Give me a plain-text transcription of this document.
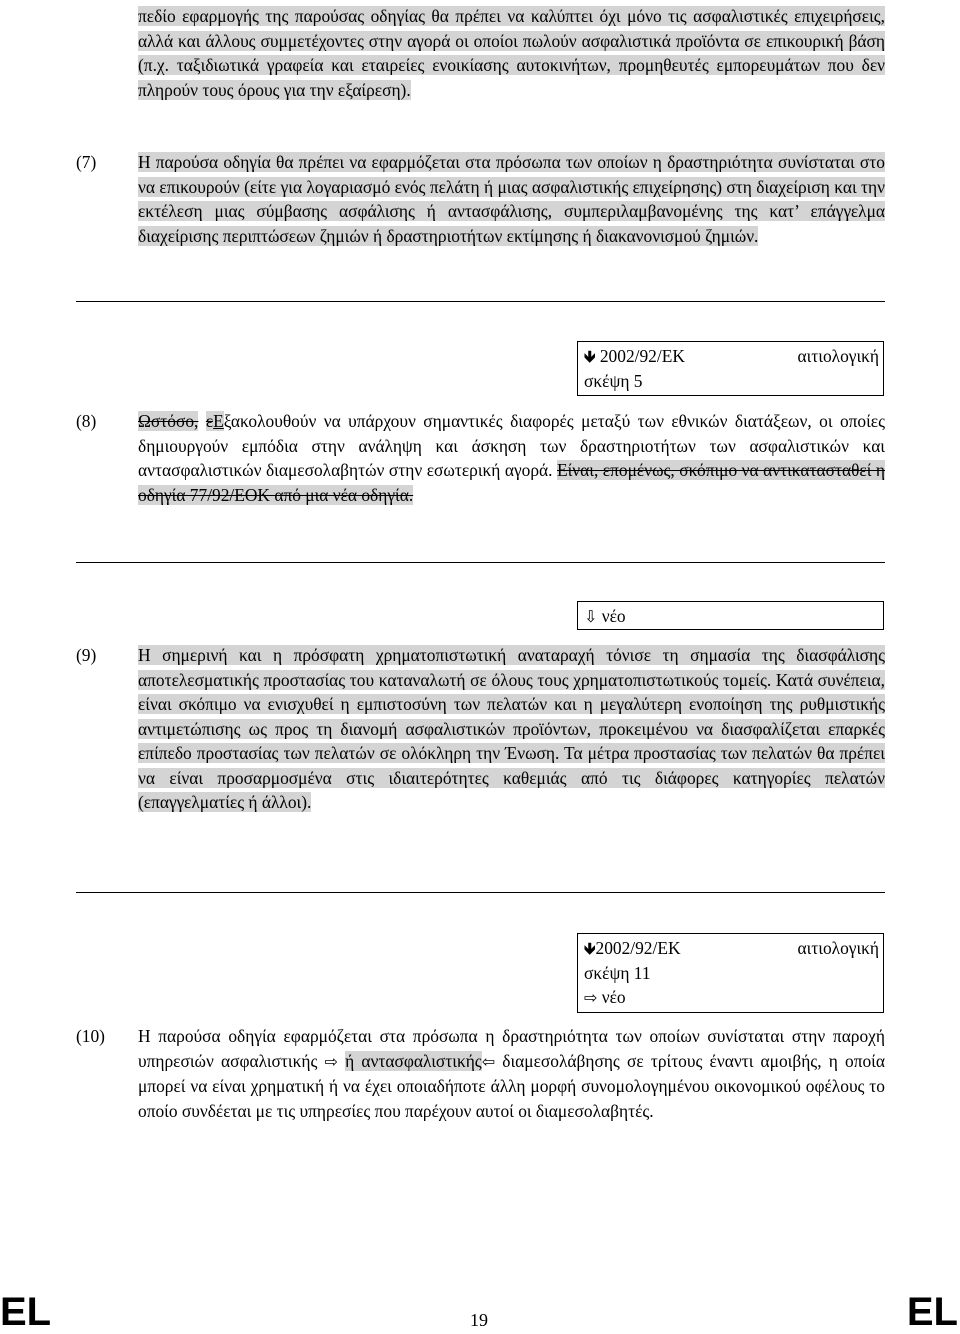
πεδίο εφαρμογής της παρούσας οδηγίας θα πρέπει να καλύπτει όχι μόνο τις ασφαλιστικές επιχειρήσεις, αλλά και άλλους συμμετέχοντες στην αγορά οι οποίοι πωλούν ασφαλιστικά προϊόντα σε επικουρική βάση (π.χ. ταξιδιωτικά γραφεία και εταιρείες ενοικίασης αυτοκινήτων, προμηθευτές εμπορευμάτων που δεν πληρούν τους όρους για την εξαίρεση).
(7) Η παρούσα οδηγία θα πρέπει να εφαρμόζεται στα πρόσωπα των οποίων η δραστηριότητα συνίσταται στο να επικουρούν (είτε για λογαριασμό ενός πελάτη ή μιας ασφαλιστικής επιχείρησης) στη διαχείριση και την εκτέλεση μιας σύμβασης ασφάλισης ή αντασφάλισης, συμπεριλαμβανομένης της κατ’ επάγγελμα διαχείρισης περιπτώσεων ζημιών ή δραστηριοτήτων εκτίμησης ή διακανονισμού ζημιών.
🡻 2002/92/ΕΚ	αιτιολογική
σκέψη 5
(8) Ωστόσο, εΕξακολουθούν να υπάρχουν σημαντικές διαφορές μεταξύ των εθνικών διατάξεων, οι οποίες δημιουργούν εμπόδια στην ανάληψη και άσκηση των δραστηριοτήτων των ασφαλιστικών και αντασφαλιστικών διαμεσολαβητών στην εσωτερική αγορά. Είναι, επομένως, σκόπιμο να αντικατασταθεί η οδηγία 77/92/ΕΟΚ από μια νέα οδηγία.
⇩ νέο
(9) Η σημερινή και η πρόσφατη χρηματοπιστωτική αναταραχή τόνισε τη σημασία της διασφάλισης αποτελεσματικής προστασίας του καταναλωτή σε όλους τους χρηματοπιστωτικούς τομείς. Κατά συνέπεια, είναι σκόπιμο να ενισχυθεί η εμπιστοσύνη των πελατών και η μεγαλύτερη ενοποίηση της ρυθμιστικής αντιμετώπισης ως προς τη διανομή ασφαλιστικών προϊόντων, προκειμένου να διασφαλίζεται επαρκές επίπεδο προστασίας των πελατών σε ολόκληρη την Ένωση. Τα μέτρα προστασίας των πελατών θα πρέπει να είναι προσαρμοσμένα στις ιδιαιτερότητες καθεμιάς από τις διάφορες κατηγορίες πελατών (επαγγελματίες ή άλλοι).
🡻2002/92/ΕΚ	αιτιολογική
σκέψη 11
⇨ νέο
(10) Η παρούσα οδηγία εφαρμόζεται στα πρόσωπα η δραστηριότητα των οποίων συνίσταται στην παροχή υπηρεσιών ασφαλιστικής ⇨ ή αντασφαλιστικής⇦ διαμεσολάβησης σε τρίτους έναντι αμοιβής, η οποία μπορεί να είναι χρηματική ή να έχει οποιαδήποτε άλλη μορφή συνομολογημένου οικονομικού οφέλους το οποίο συνδέεται με τις υπηρεσίες που παρέχουν αυτοί οι διαμεσολαβητές.
EL	19	EL
